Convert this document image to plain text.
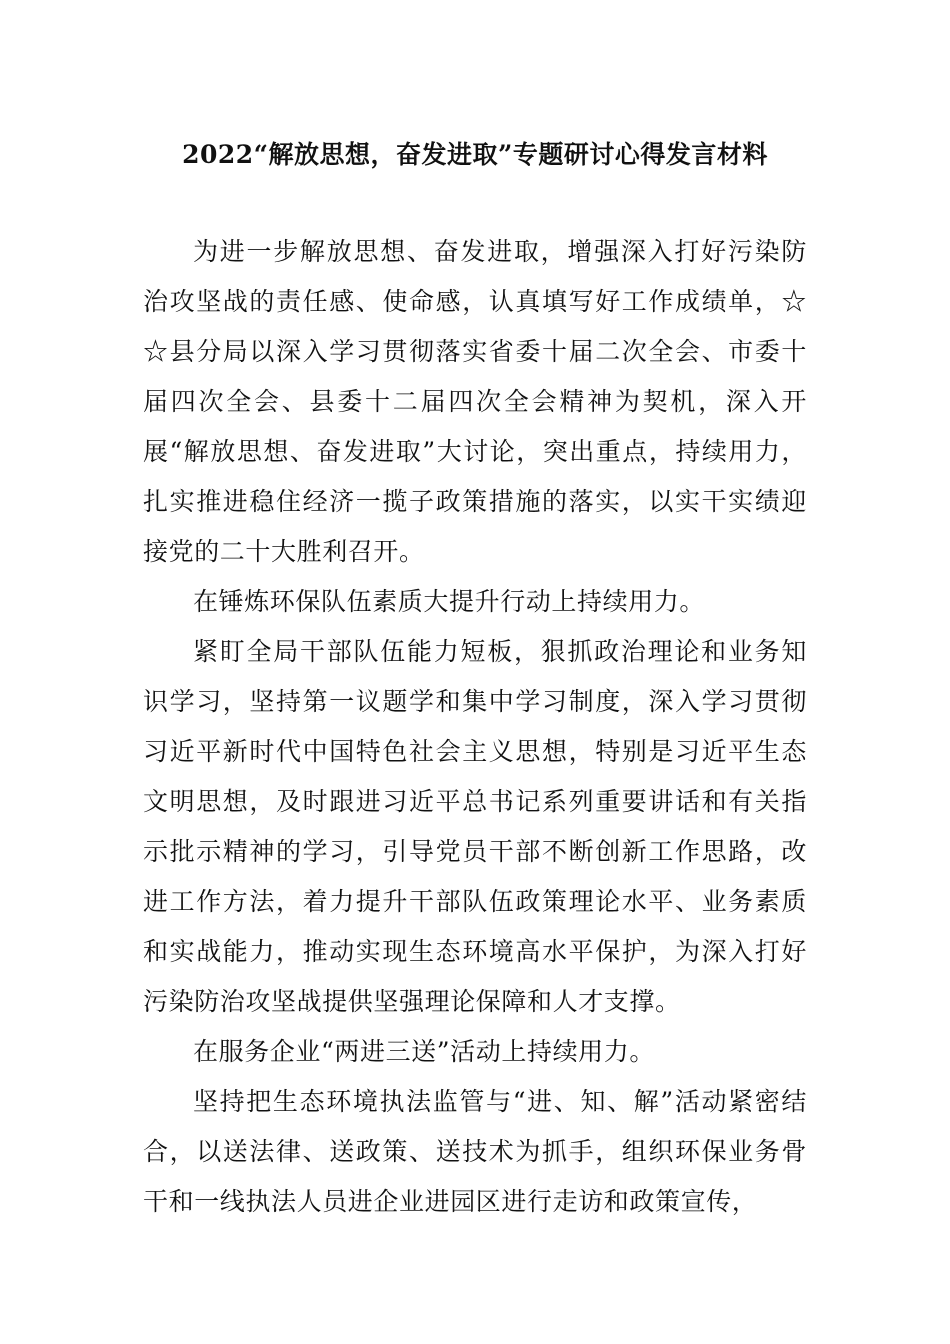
2022“解放思想，奋发进取”专题研讨心得发言材料

为进一步解放思想、奋发进取，增强深入打好污染防治攻坚战的责任感、使命感，认真填写好工作成绩单，☆☆县分局以深入学习贯彻落实省委十届二次全会、市委十届四次全会、县委十二届四次全会精神为契机，深入开展“解放思想、奋发进取”大讨论，突出重点，持续用力，扎实推进稳住经济一揽子政策措施的落实，以实干实绩迎接党的二十大胜利召开。

在锤炼环保队伍素质大提升行动上持续用力。

紧盯全局干部队伍能力短板，狠抓政治理论和业务知识学习，坚持第一议题学和集中学习制度，深入学习贯彻习近平新时代中国特色社会主义思想，特别是习近平生态文明思想，及时跟进习近平总书记系列重要讲话和有关指示批示精神的学习，引导党员干部不断创新工作思路，改进工作方法，着力提升干部队伍政策理论水平、业务素质和实战能力，推动实现生态环境高水平保护，为深入打好污染防治攻坚战提供坚强理论保障和人才支撑。

在服务企业“两进三送”活动上持续用力。

坚持把生态环境执法监管与“进、知、解”活动紧密结合，以送法律、送政策、送技术为抓手，组织环保业务骨干和一线执法人员进企业进园区进行走访和政策宣传，
